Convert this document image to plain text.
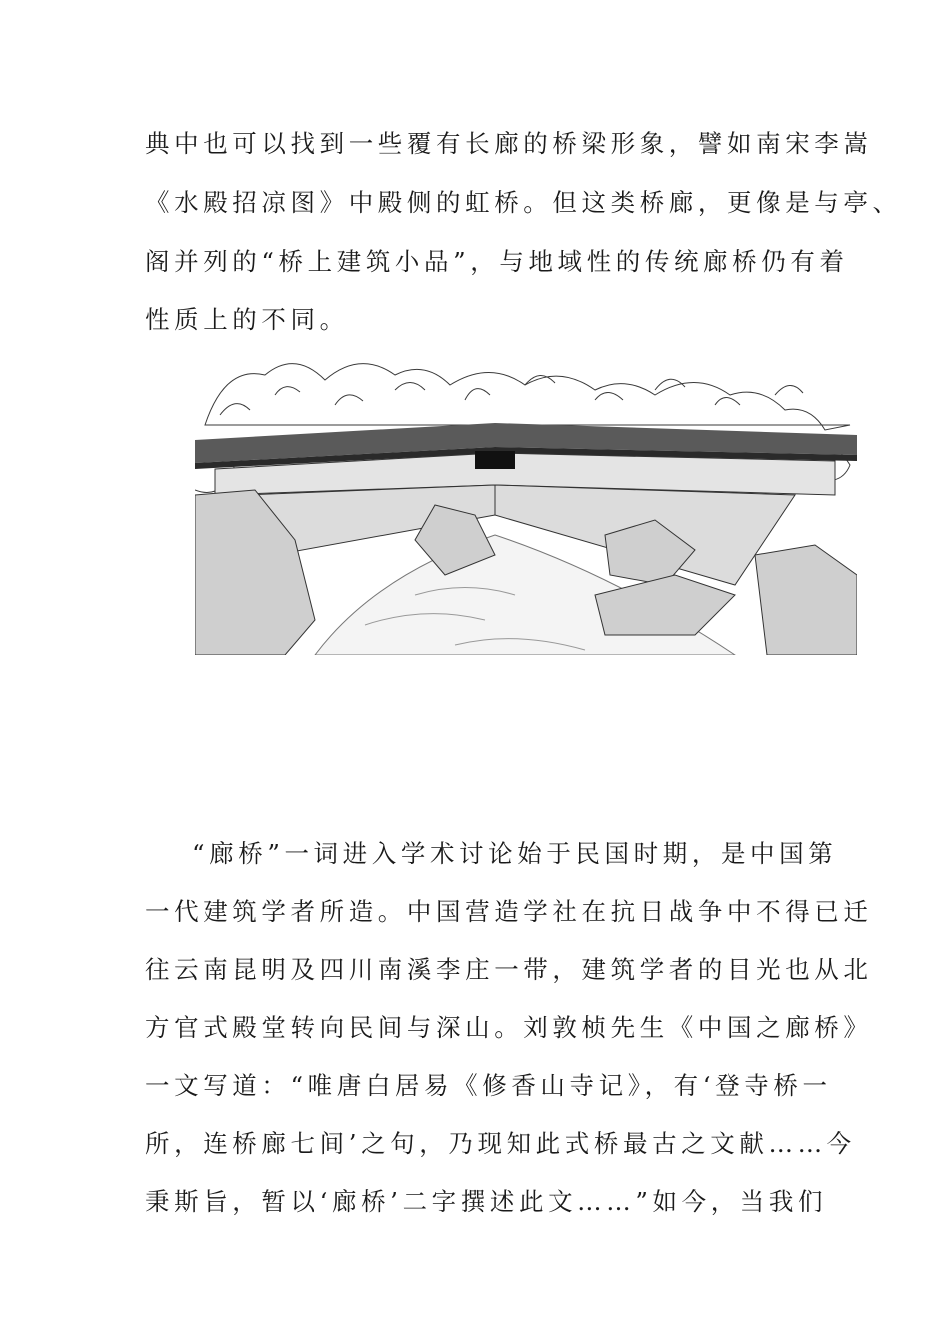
典中也可以找到一些覆有长廊的桥梁形象，譬如南宋李嵩
《水殿招凉图》中殿侧的虹桥。但这类桥廊，更像是与亭、
阁并列的“桥上建筑小品”，与地域性的传统廊桥仍有着
性质上的不同。
“廊桥”一词进入学术讨论始于民国时期，是中国第
一代建筑学者所造。中国营造学社在抗日战争中不得已迁
往云南昆明及四川南溪李庄一带，建筑学者的目光也从北
方官式殿堂转向民间与深山。刘敦桢先生《中国之廊桥》
一文写道：“唯唐白居易《修香山寺记》，有‘登寺桥一
所，连桥廊七间’之句，乃现知此式桥最古之文献……今
秉斯旨，暂以‘廊桥’二字撰述此文……”如今，当我们
